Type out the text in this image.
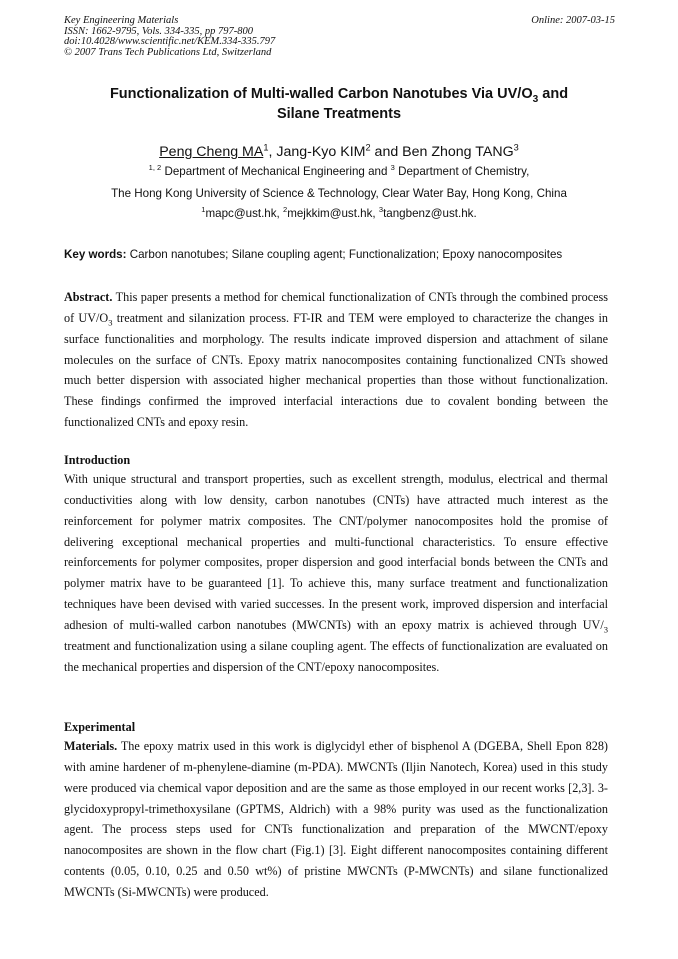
Key Engineering Materials
ISSN: 1662-9795, Vols. 334-335, pp 797-800
doi:10.4028/www.scientific.net/KEM.334-335.797
© 2007 Trans Tech Publications Ltd, Switzerland
Online: 2007-03-15
Functionalization of Multi-walled Carbon Nanotubes Via $UV/O_3$ and
Silane Treatments
Peng Cheng $MA^1$, Jang-Kyo KIM$^2$ and Ben Zhong TANG$^3$
$^{1, 2}$ Department of Mechanical Engineering and $^3$ Department of Chemistry,
The Hong Kong University of Science & Technology, Clear Water Bay, Hong Kong, China
$^1$mapc@ust.hk, $^2$mejkkim@ust.hk, $^3$tangbenz@ust.hk.
Key words: Carbon nanotubes; Silane coupling agent; Functionalization; Epoxy nanocomposites

Abstract. This paper presents a method for chemical functionalization of CNTs through the combined process of $UV/O_3$ treatment and silanization process. FT-IR and TEM were employed to characterize the changes in surface functionalities and morphology. The results indicate improved dispersion and attachment of silane molecules on the surface of CNTs. Epoxy matrix nanocomposites containing functionalized CNTs showed much better dispersion with associated higher mechanical properties than those without functionalization. These findings confirmed the improved interfacial interactions due to covalent bonding between the functionalized CNTs and epoxy resin.

Introduction

With unique structural and transport properties, such as excellent strength, modulus, electrical and thermal conductivities along with low density, carbon nanotubes (CNTs) have attracted much interest as the reinforcement for polymer matrix composites. The CNT/polymer nanocomposites hold the promise of delivering exceptional mechanical properties and multi-functional characteristics. To ensure effective reinforcements for polymer composites, proper dispersion and good interfacial bonds between the CNTs and polymer matrix have to be guaranteed [1]. To achieve this, many surface treatment and functionalization techniques have been devised with varied successes. In the present work, improved dispersion and interfacial adhesion of multi-walled carbon nanotubes (MWCNTs) with an epoxy matrix is achieved through $UV/_3$ treatment and functionalization using a silane coupling agent. The effects of functionalization are evaluated on the mechanical properties and dispersion of the CNT/epoxy nanocomposites.

Experimental

Materials. The epoxy matrix used in this work is diglycidyl ether of bisphenol A (DGEBA, Shell Epon 828) with amine hardener of m-phenylene-diamine (m-PDA). MWCNTs (Iljin Nanotech, Korea) used in this study were produced via chemical vapor deposition and are the same as those employed in our recent works [2,3]. 3-glycidoxypropyl-trimethoxysilane (GPTMS, Aldrich) with a 98% purity was used as the functionalization agent. The process steps used for CNTs functionalization and preparation of the MWCNT/epoxy nanocomposites are shown in the flow chart (Fig.1) [3]. Eight different nanocomposites containing different contents (0.05, 0.10, 0.25 and 0.50 wt%) of pristine MWCNTs (P-MWCNTs) and silane functionalized MWCNTs (Si-MWCNTs) were produced.
